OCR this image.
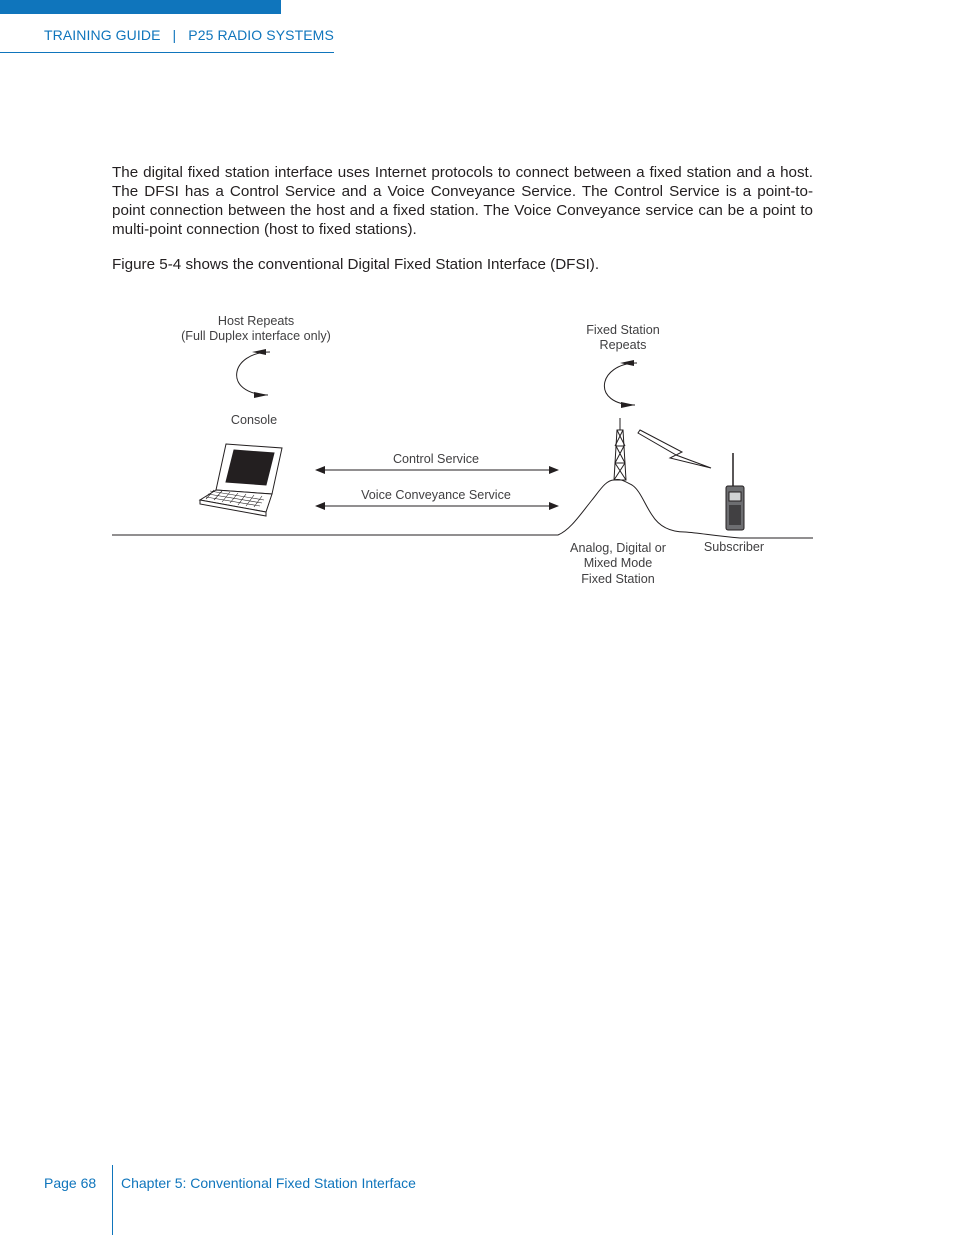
TRAINING GUIDE | P25 RADIO SYSTEMS

The digital fixed station interface uses Internet protocols to connect between a fixed station and a host. The DFSI has a Control Service and a Voice Conveyance Service. The Control Service is a point-to-point connection between the host and a fixed station. The Voice Conveyance service can be a point to multi-point connection (host to fixed stations).

Figure 5-4 shows the conventional Digital Fixed Station Interface (DFSI).

Host Repeats
(Full Duplex interface only)
Console
Fixed Station
Repeats
Control Service
Voice Conveyance Service
Analog, Digital or
Mixed Mode
Fixed Station
Subscriber
Page 68 Chapter 5: Conventional Fixed Station Interface
